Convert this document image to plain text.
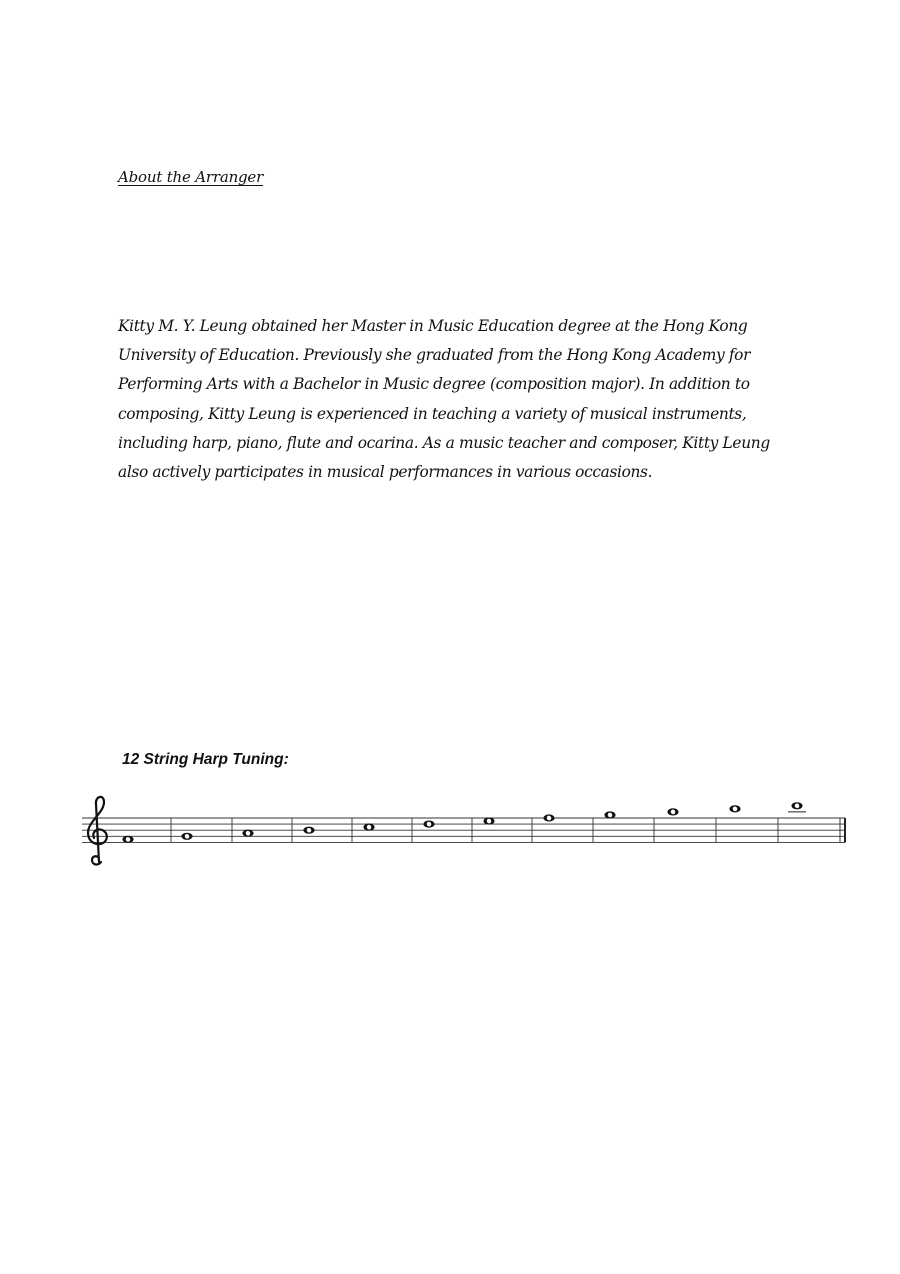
About the Arranger
Kitty M. Y. Leung obtained her Master in Music Education degree at the Hong Kong
University of Education. Previously she graduated from the Hong Kong Academy for
Performing Arts with a Bachelor in Music degree (composition major). In addition to
composing, Kitty Leung is experienced in teaching a variety of musical instruments,
including harp, piano, flute and ocarina. As a music teacher and composer, Kitty Leung
also actively participates in musical performances in various occasions.
12 String Harp Tuning:
